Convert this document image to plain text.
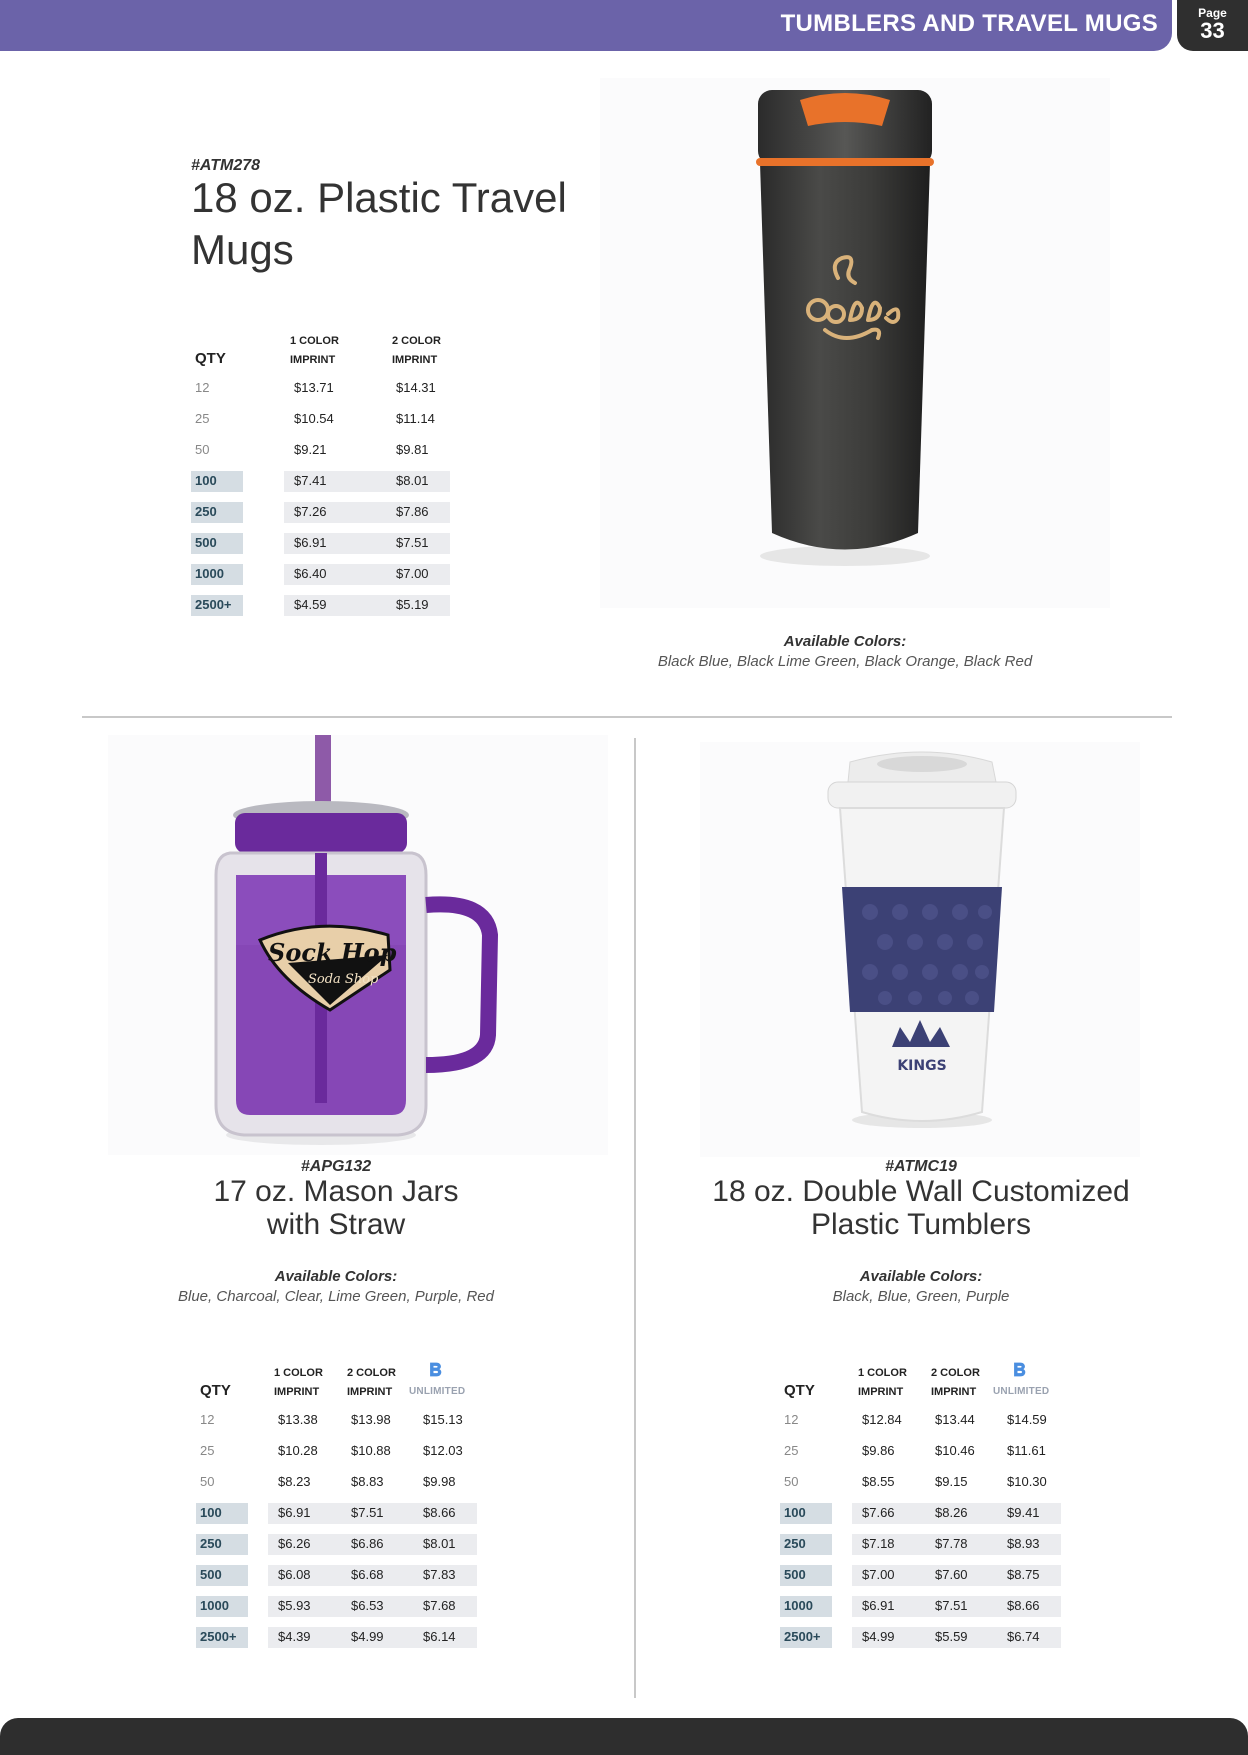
TUMBLERS AND TRAVEL MUGS	Page
33
#ATM278
18 oz. Plastic Travel
Mugs
QTY
1 COLOR
IMPRINT
2 COLOR
IMPRINT
12	$13.71	$14.31
25	$10.54	$11.14
50	$9.21	$9.81
100	$7.41	$8.01
250	$7.26	$7.86
500	$6.91	$7.51
1000	$6.40	$7.00
2500+	$4.59	$5.19
Available Colors:
Black Blue, Black Lime Green, Black Orange, Black Red
Sock Hop
Soda Shop
#APG132
17 oz. Mason Jars
with Straw
Available Colors:
Blue, Charcoal, Clear, Lime Green, Purple, Red
QTY
1 COLOR
IMPRINT
2 COLOR
IMPRINT
𝐁
UNLIMITED
12	$13.38	$13.98 $15.13
25	$10.28	$10.88 $12.03
50	$8.23	$8.83	$9.98
100	$6.91	$7.51	$8.66
250	$6.26	$6.86	$8.01
500	$6.08	$6.68	$7.83
1000	$5.93	$6.53	$7.68
2500+	$4.39	$4.99	$6.14
KINGS
#ATMC19
18 oz. Double Wall Customized
Plastic Tumblers
Available Colors:
Black, Blue, Green, Purple
QTY
1 COLOR
IMPRINT
2 COLOR
IMPRINT
𝐁
UNLIMITED
12	$12.84	$13.44 $14.59
25	$9.86	$10.46 $11.61
50	$8.55	$9.15	$10.30
100	$7.66	$8.26	$9.41
250	$7.18	$7.78	$8.93
500	$7.00	$7.60	$8.75
1000	$6.91	$7.51	$8.66
2500+	$4.99	$5.59	$6.74
